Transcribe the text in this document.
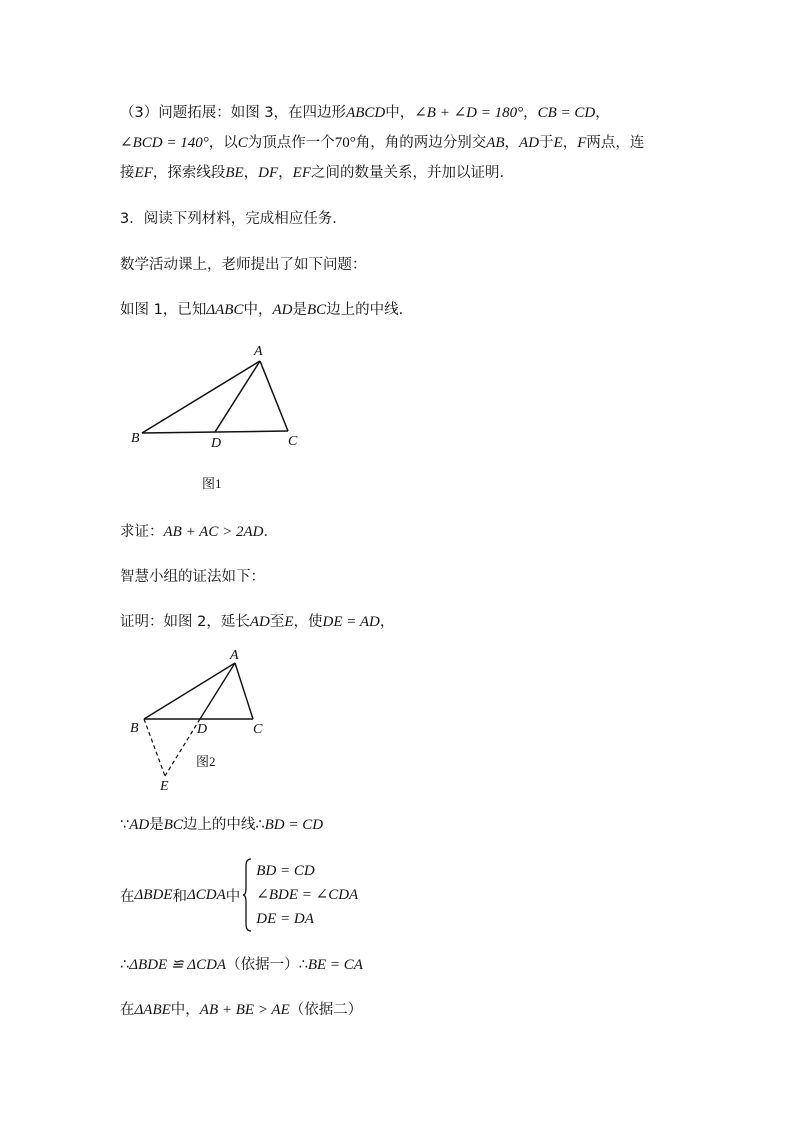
（3）问题拓展：如图 3，在四边形ABCD中，∠B + ∠D = 180°，CB = CD，
∠BCD = 140°，以C为顶点作一个70°角，角的两边分别交AB，AD于E，F两点，连
接EF，探索线段BE，DF，EF之间的数量关系，并加以证明.
3．阅读下列材料，完成相应任务．
数学活动课上，老师提出了如下问题：
如图 1，已知ΔABC中，AD是BC边上的中线．
A
B	D	C
图1
求证：AB + AC > 2AD．
智慧小组的证法如下：
证明：如图 2，延长AD至E，使DE = AD，
A
B	D	C
E
图2
∵AD是BC边上的中线∴BD = CD
在 ΔBDE 和 ΔCDA 中
BD = CD
∠BDE = ∠CDA
DE = DA
∴ΔBDE ≌ ΔCDA（依据一）∴BE = CA
在ΔABE中，AB + BE > AE（依据二）
